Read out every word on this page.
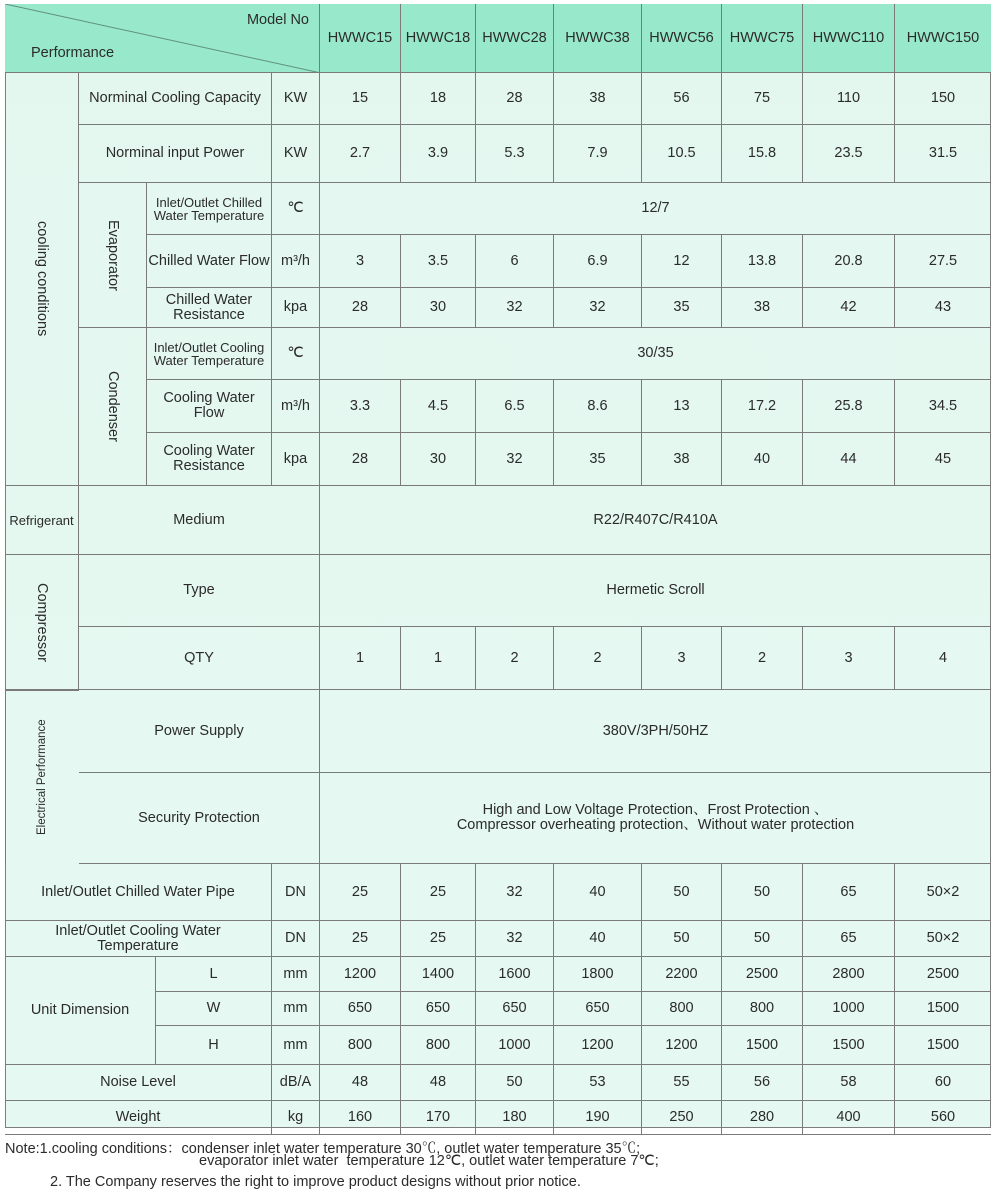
Model No
Performance
HWWC15 HWWC18 HWWC28 HWWC38 HWWC56 HWWC75 HWWC110 HWWC150
cooling conditions
Norminal Cooling Capacity KW	15	18	28	38	56	75	110	150
Norminal input Power	KW	2.7	3.9	5.3	7.9	10.5	15.8	23.5	31.5
Evaporator
Inlet/Outlet Chilled Water Temperature	℃	12/7
Chilled Water Flow m³/h	3	3.5	6	6.9	12	13.8	20.8	27.5
Chilled Water Resistance	kpa	28	30	32	32	35	38	42	43
Condenser
Inlet/Outlet Cooling Water Temperature	℃	30/35
Cooling Water Flow	m³/h	3.3	4.5	6.5	8.6	13	17.2	25.8	34.5
Cooling Water Resistance	kpa	28	30	32	35	38	40	44	45
Refrigerant	Medium	R22/R407C/R410A
Compressor	Type	Hermetic Scroll
QTY	1	1	2	2	3	2	3	4
Electrical Performance	Power Supply	380V/3PH/50HZ
Security Protection	High and Low Voltage Protection、Frost Protection 、
Compressor overheating protection、Without water protection
Inlet/Outlet Chilled Water Pipe	DN	25	25	32	40	50	50	65	50×2
Inlet/Outlet Cooling Water Temperature	DN	25	25	32	40	50	50	65	50×2
Unit Dimension
L	mm	1200	1400	1600	1800	2200	2500	2800	2500
W	mm	650	650	650	650	800	800	1000	1500
H	mm	800	800	1000	1200	1200	1500	1500	1500
Noise Level	dB/A	48	48	50	53	55	56	58	60
Weight	kg	160	170	180	190	250	280	400	560
Note:1.cooling conditions：condenser inlet water temperature 30℃, outlet water temperature 35℃;
evaporator inlet water  temperature 12℃, outlet water temperature 7℃;
2. The Company reserves the right to improve product designs without prior notice.
